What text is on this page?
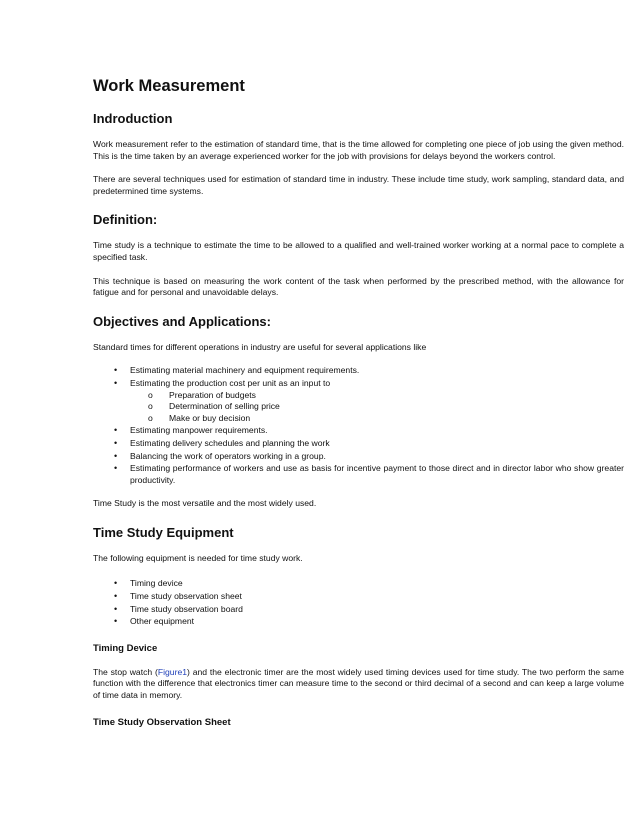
Work Measurement
Indroduction

Work measurement refer to the estimation of standard time, that is the time allowed for completing one piece of job using the given method. This is the time taken by an average experienced worker for the job with provisions for delays beyond the workers control.

There are several techniques used for estimation of standard time in industry. These include time study, work sampling, standard data, and predetermined time systems.

Definition:

Time study is a technique to estimate the time to be allowed to a qualified and well-trained worker working at a normal pace to complete a specified task.

This technique is based on measuring the work content of the task when performed by the prescribed method, with the allowance for fatigue and for personal and unavoidable delays.

Objectives and Applications:

Standard times for different operations in industry are useful for several applications like

• Estimating material machinery and equipment requirements.
• Estimating the production cost per unit as an input to
o Preparation of budgets
o Determination of selling price
o Make or buy decision
• Estimating manpower requirements.
• Estimating delivery schedules and planning the work
• Balancing the work of operators working in a group.
• Estimating performance of workers and use as basis for incentive payment to those direct and in director labor who show greater productivity.

Time Study is the most versatile and the most widely used.

Time Study Equipment

The following equipment is needed for time study work.

• Timing device
• Time study observation sheet
• Time study observation board
• Other equipment
Timing Device

The stop watch (Figure1) and the electronic timer are the most widely used timing devices used for time study. The two perform the same function with the difference that electronics timer can measure time to the second or third decimal of a second and can keep a large volume of time data in memory.

Time Study Observation Sheet
